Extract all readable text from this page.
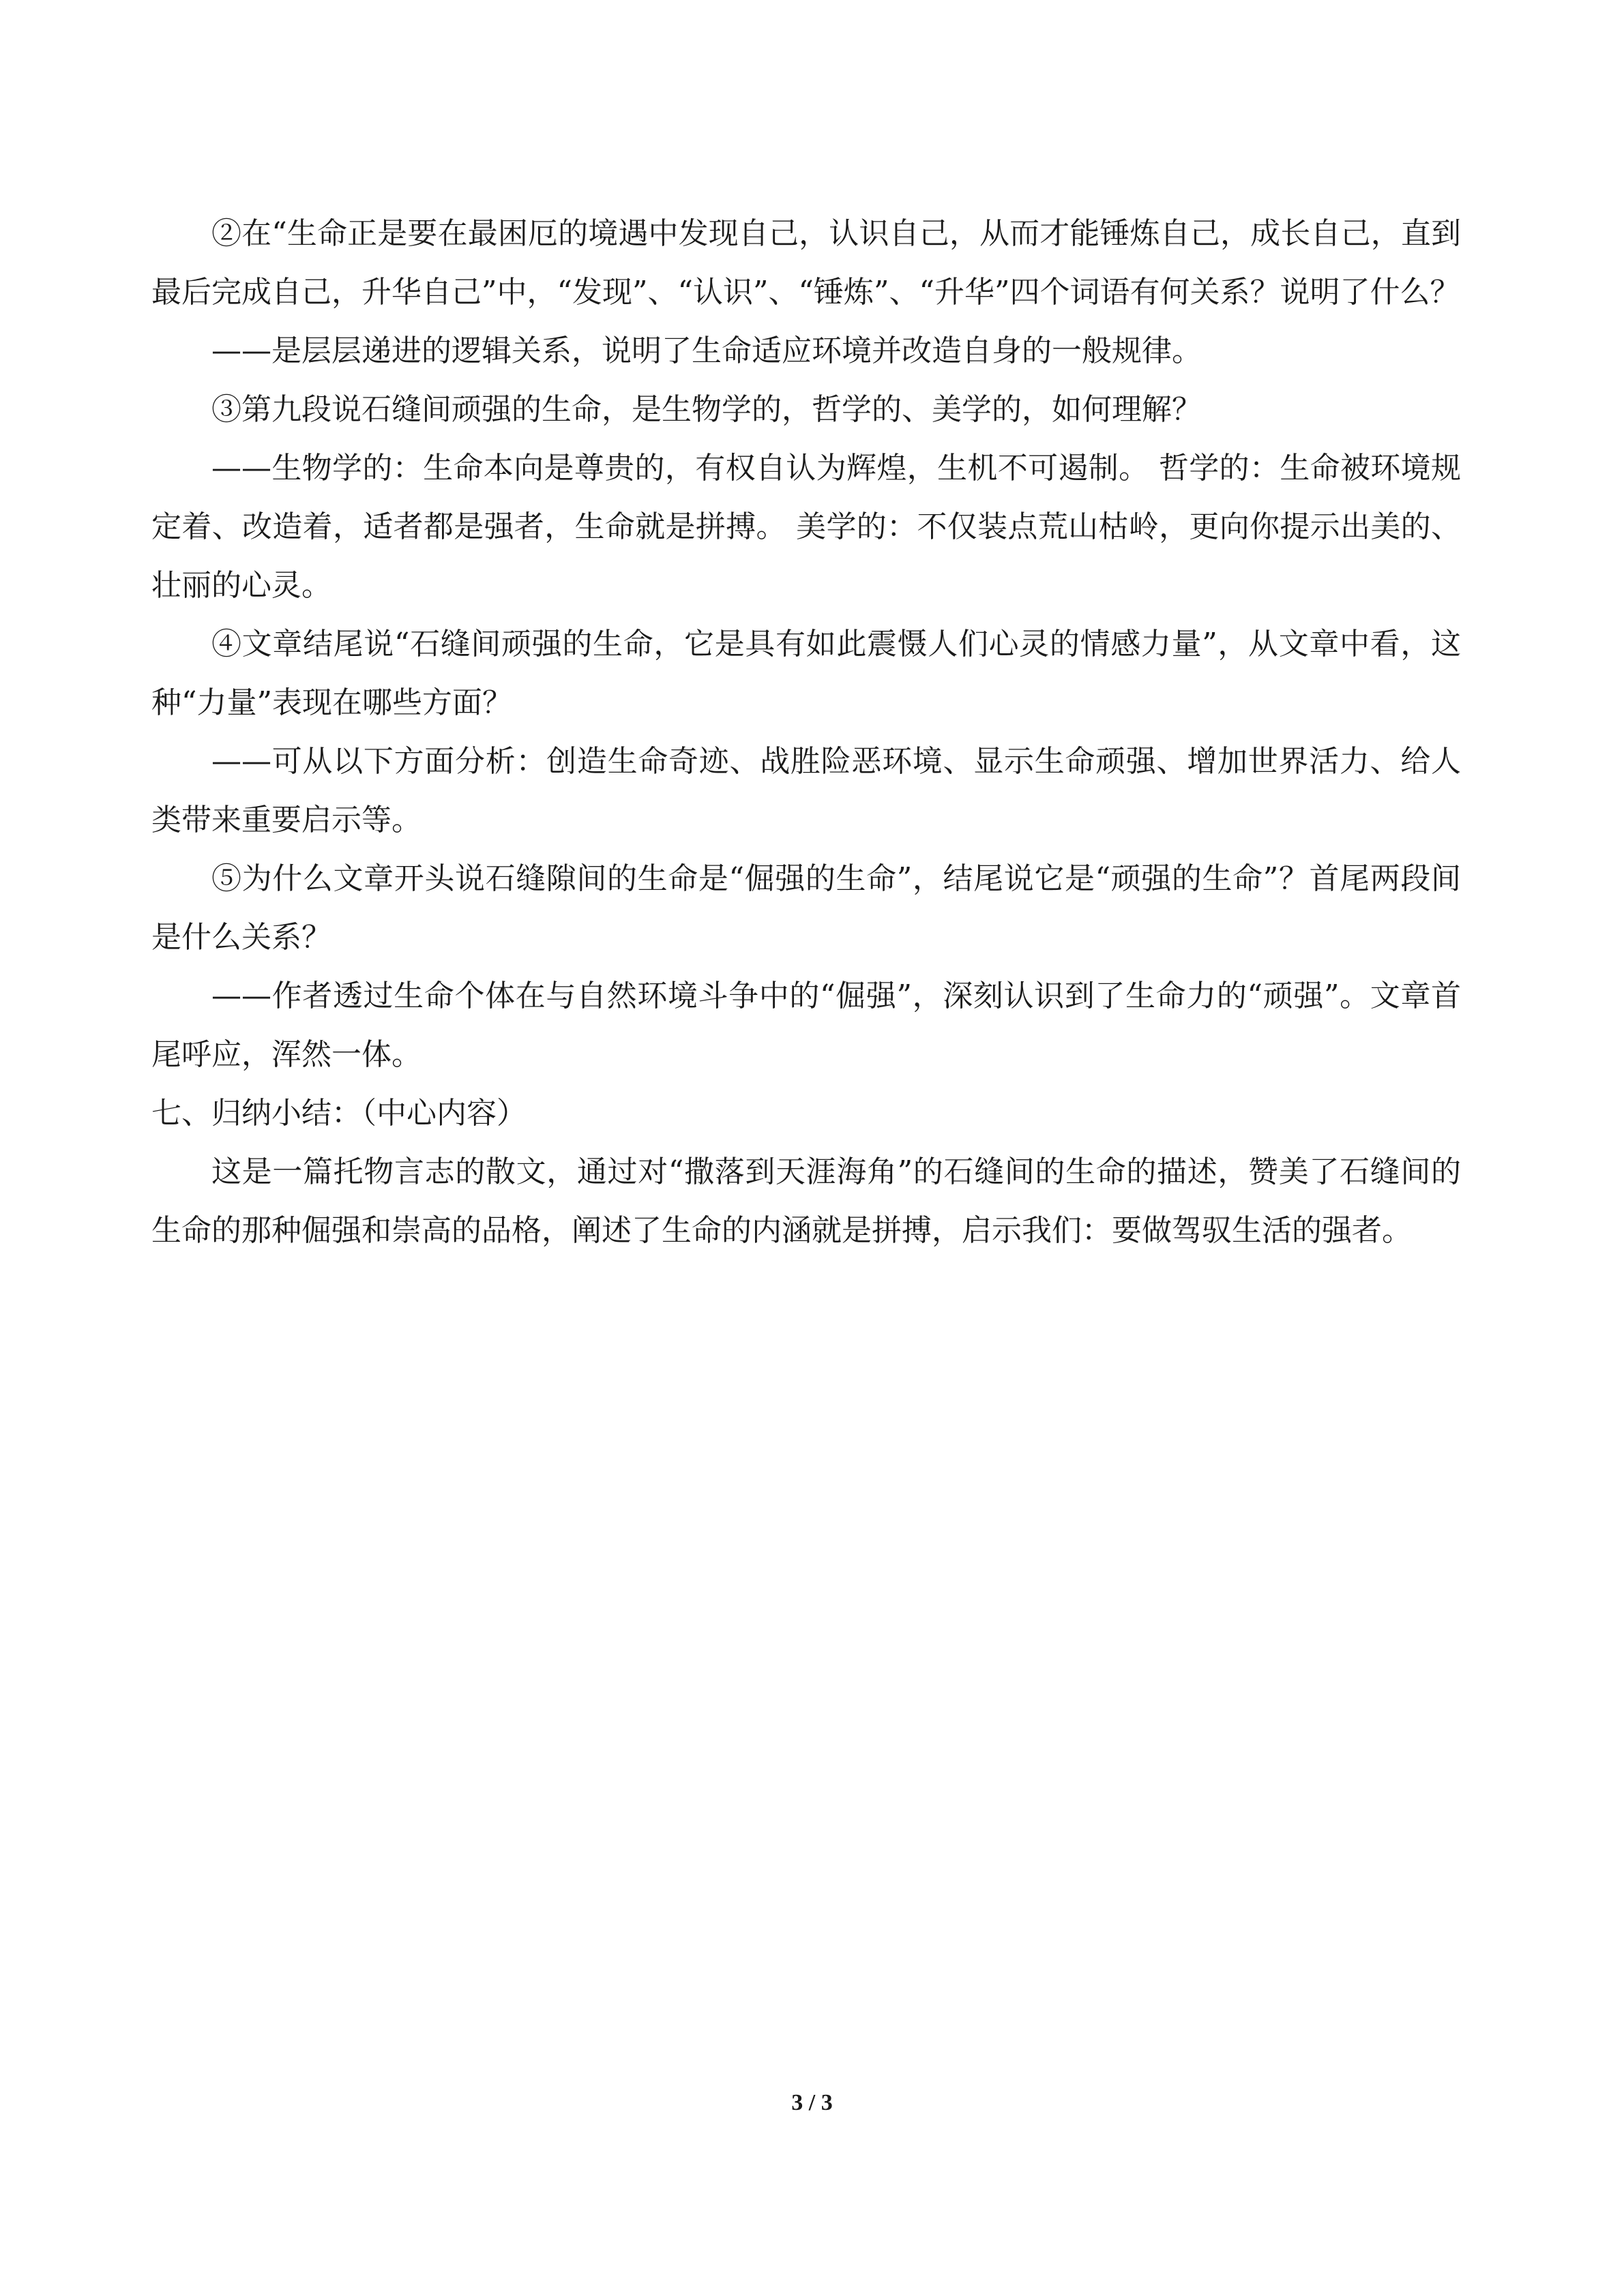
②在“生命正是要在最困厄的境遇中发现自己，认识自己，从而才能锤炼自己，成长自己，直到最后完成自己，升华自己”中，“发现”、“认识”、“锤炼”、“升华”四个词语有何关系？说明了什么？

——是层层递进的逻辑关系，说明了生命适应环境并改造自身的一般规律。

③第九段说石缝间顽强的生命，是生物学的，哲学的、美学的，如何理解？

——生物学的：生命本向是尊贵的，有权自认为辉煌，生机不可遏制。 哲学的：生命被环境规定着、改造着，适者都是强者，生命就是拼搏。 美学的：不仅装点荒山枯岭，更向你提示出美的、壮丽的心灵。

④文章结尾说“石缝间顽强的生命，它是具有如此震慑人们心灵的情感力量”，从文章中看，这种“力量”表现在哪些方面？

——可从以下方面分析：创造生命奇迹、战胜险恶环境、显示生命顽强、增加世界活力、给人类带来重要启示等。

⑤为什么文章开头说石缝隙间的生命是“倔强的生命”，结尾说它是“顽强的生命”？首尾两段间是什么关系？

——作者透过生命个体在与自然环境斗争中的“倔强”，深刻认识到了生命力的“顽强”。文章首尾呼应，浑然一体。

七、归纳小结：（中心内容）

这是一篇托物言志的散文，通过对“撒落到天涯海角”的石缝间的生命的描述，赞美了石缝间的生命的那种倔强和崇高的品格，阐述了生命的内涵就是拼搏，启示我们：要做驾驭生活的强者。

3 / 3
